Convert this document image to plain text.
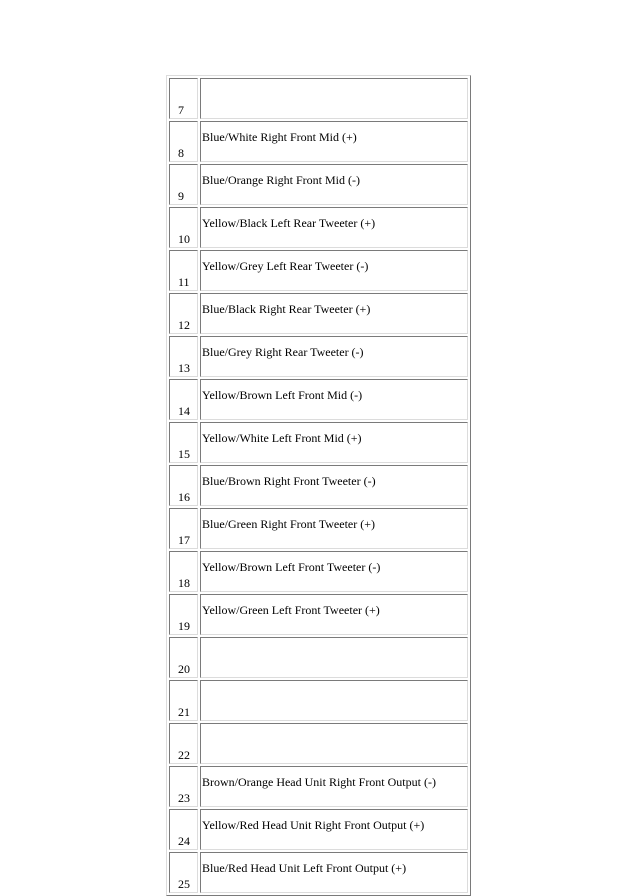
7	
8	Blue/White Right Front Mid (+)
9	Blue/Orange Right Front Mid (-)
10	Yellow/Black Left Rear Tweeter (+)
11	Yellow/Grey Left Rear Tweeter (-)
12	Blue/Black Right Rear Tweeter (+)
13	Blue/Grey Right Rear Tweeter (-)
14	Yellow/Brown Left Front Mid (-)
15	Yellow/White Left Front Mid (+)
16	Blue/Brown Right Front Tweeter (-)
17	Blue/Green Right Front Tweeter (+)
18	Yellow/Brown Left Front Tweeter (-)
19	Yellow/Green Left Front Tweeter (+)
20	
21	
22	
23	Brown/Orange Head Unit Right Front Output (-)
24	Yellow/Red Head Unit Right Front Output (+)
25	Blue/Red Head Unit Left Front Output (+)
